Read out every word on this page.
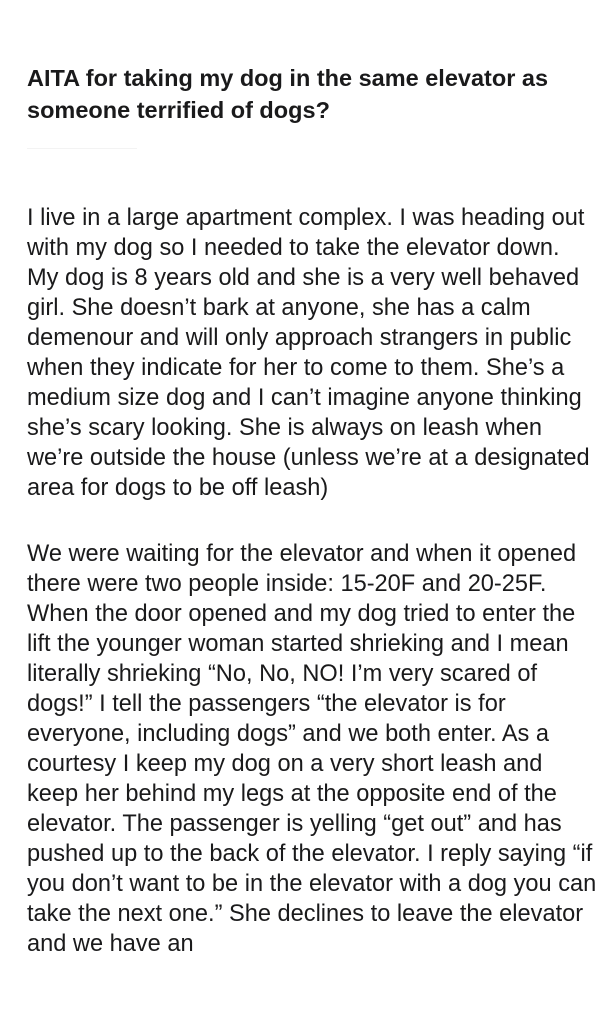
AITA for taking my dog in the same elevator as someone terrified of dogs?

I live in a large apartment complex. I was heading out with my dog so I needed to take the elevator down. My dog is 8 years old and she is a very well behaved girl. She doesn’t bark at anyone, she has a calm demenour and will only approach strangers in public when they indicate for her to come to them. She’s a medium size dog and I can’t imagine anyone thinking she’s scary looking. She is always on leash when we’re outside the house (unless we’re at a designated area for dogs to be off leash)

We were waiting for the elevator and when it opened there were two people inside: 15-20F and 20-25F. When the door opened and my dog tried to enter the lift the younger woman started shrieking and I mean literally shrieking “No, No, NO! I’m very scared of dogs!” I tell the passengers “the elevator is for everyone, including dogs” and we both enter. As a courtesy I keep my dog on a very short leash and keep her behind my legs at the opposite end of the elevator. The passenger is yelling “get out” and has pushed up to the back of the elevator. I reply saying “if you don’t want to be in the elevator with a dog you can take the next one.” She declines to leave the elevator and we have an
